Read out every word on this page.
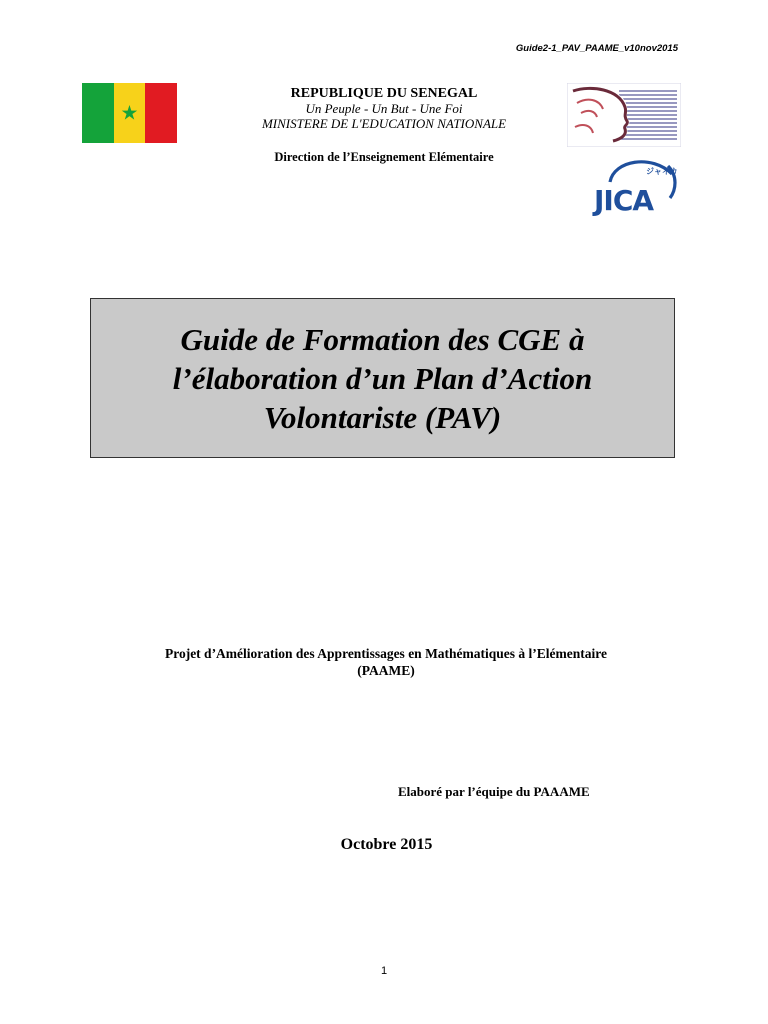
Guide2-1_PAV_PAAME_v10nov2015
★
REPUBLIQUE DU SENEGAL
Un Peuple - Un But - Une Foi
MINISTERE DE L'EDUCATION NATIONALE
Direction de l’Enseignement Elémentaire
ジャイカ
JICA
Guide de Formation des CGE à l’élaboration d’un Plan d’Action Volontariste (PAV)
Projet d’Amélioration des Apprentissages en Mathématiques à l’Elémentaire
(PAAME)
Elaboré par l’équipe du PAAAME
Octobre 2015
1
